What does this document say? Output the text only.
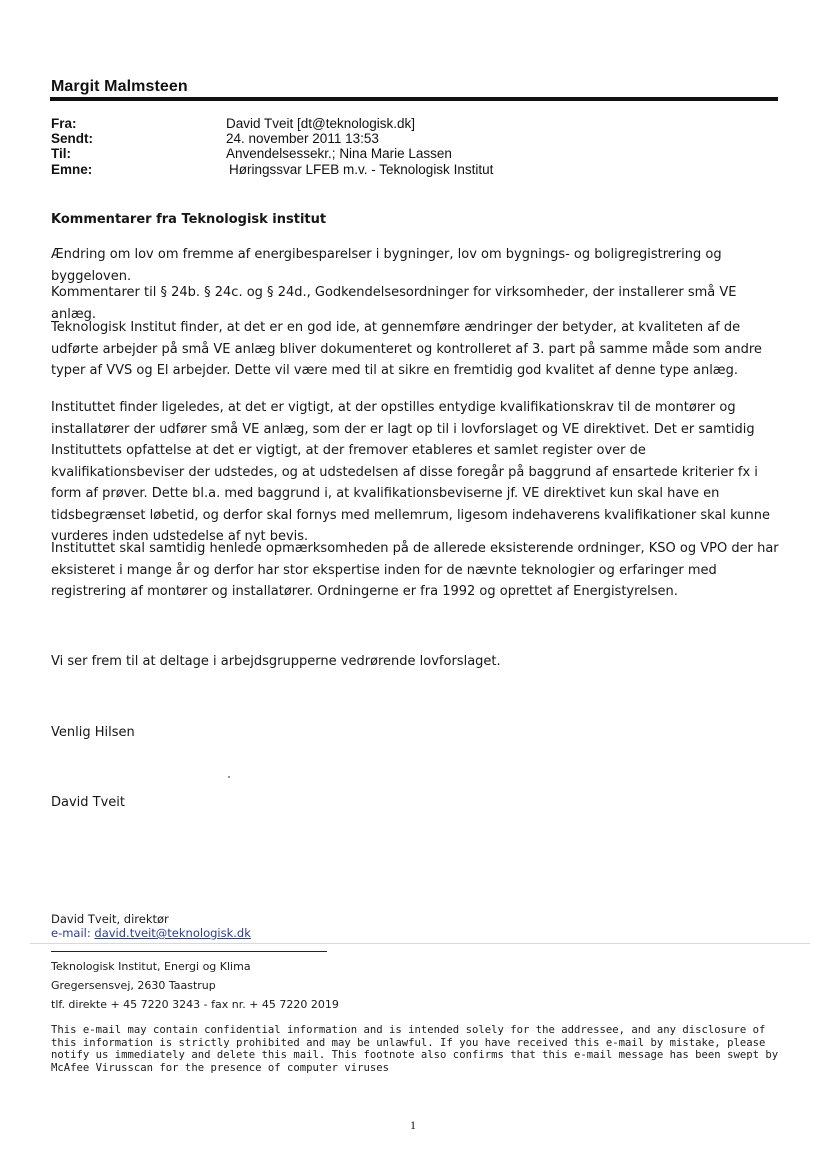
Margit Malmsteen
Fra:	David Tveit [dt@teknologisk.dk]
Sendt:	24. november 2011 13:53
Til:	Anvendelsessekr.; Nina Marie Lassen
Emne:	Høringssvar LFEB m.v. - Teknologisk Institut

Kommentarer fra Teknologisk institut

Ændring om lov om fremme af energibesparelser i bygninger, lov om bygnings- og boligregistrering og byggeloven.

Kommentarer til § 24b. § 24c. og § 24d., Godkendelsesordninger for virksomheder, der installerer små VE anlæg.

Teknologisk Institut finder, at det er en god ide, at gennemføre ændringer der betyder, at kvaliteten af de udførte arbejder på små VE anlæg bliver dokumenteret og kontrolleret af 3. part på samme måde som andre typer af VVS og El arbejder. Dette vil være med til at sikre en fremtidig god kvalitet af denne type anlæg.

Instituttet finder ligeledes, at det er vigtigt, at der opstilles entydige kvalifikationskrav til de montører og installatører der udfører små VE anlæg, som der er lagt op til i lovforslaget og VE direktivet. Det er samtidig Instituttets opfattelse at det er vigtigt, at der fremover etableres et samlet register over de kvalifikationsbeviser der udstedes, og at udstedelsen af disse foregår på baggrund af ensartede kriterier fx i form af prøver. Dette bl.a. med baggrund i, at kvalifikationsbeviserne jf. VE direktivet kun skal have en tidsbegrænset løbetid, og derfor skal fornys med mellemrum, ligesom indehaverens kvalifikationer skal kunne vurderes inden udstedelse af nyt bevis.

Instituttet skal samtidig henlede opmærksomheden på de allerede eksisterende ordninger, KSO og VPO der har eksisteret i mange år og derfor har stor ekspertise inden for de nævnte teknologier og erfaringer med registrering af montører og installatører. Ordningerne er fra 1992 og oprettet af Energistyrelsen.

Vi ser frem til at deltage i arbejdsgrupperne vedrørende lovforslaget.

Venlig Hilsen

David Tveit

David Tveit, direktør
e-mail: david.tveit@teknologisk.dk
Teknologisk Institut, Energi og Klima
Gregersensvej, 2630 Taastrup
tlf. direkte + 45 7220 3243 - fax nr. + 45 7220 2019

This e-mail may contain confidential information and is intended solely for the addressee, and any disclosure of this information is strictly prohibited and may be unlawful. If you have received this e-mail by mistake, please notify us immediately and delete this mail. This footnote also confirms that this e-mail message has been swept by McAfee Virusscan for the presence of computer viruses

1
